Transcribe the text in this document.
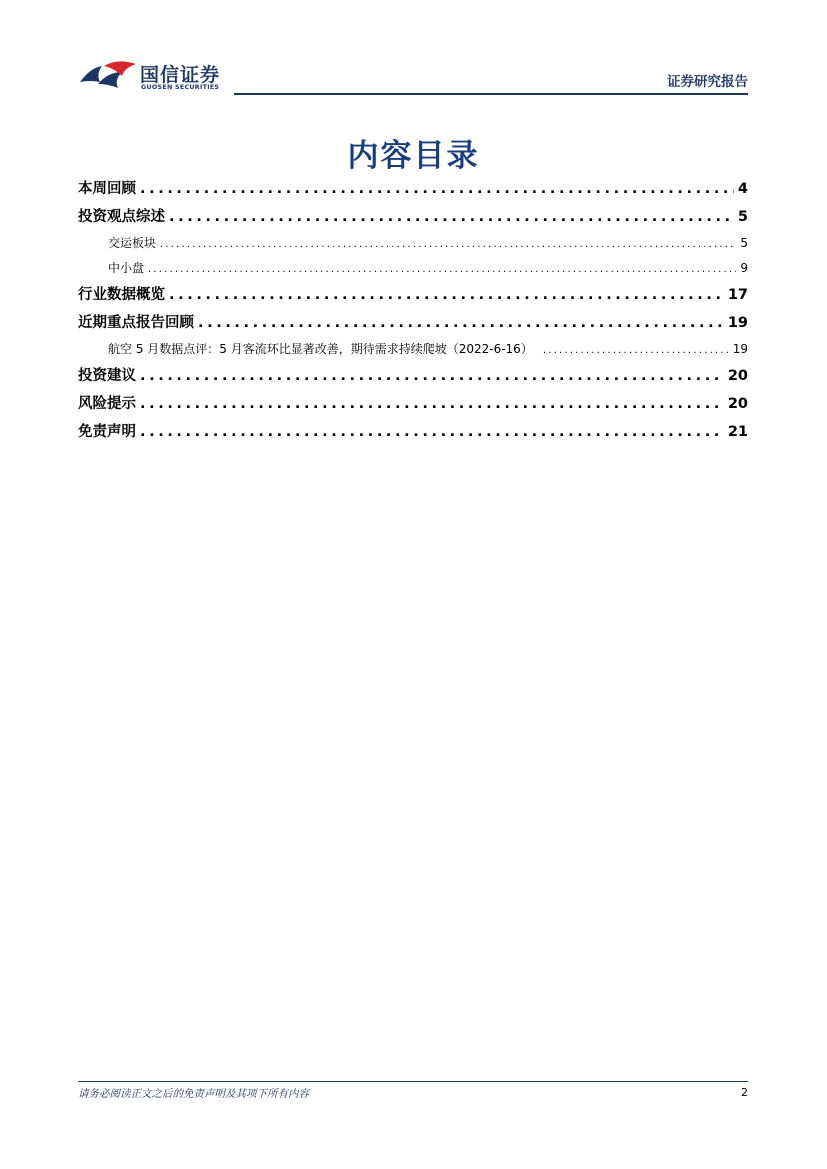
国信证券
GUOSEN SECURITIES	证券研究报告
内容目录
本周回顾 .....	4
投资观点综述 .....	5
交运板块 .....	5
中小盘 .....	9
行业数据概览 .....	17
近期重点报告回顾 .....	19
航空 5 月数据点评：5 月客流环比显著改善，期待需求持续爬坡（2022-6-16） .....	19
投资建议 .....	20
风险提示 .....	20
免责声明 .....	21
请务必阅读正文之后的免责声明及其项下所有内容	2
